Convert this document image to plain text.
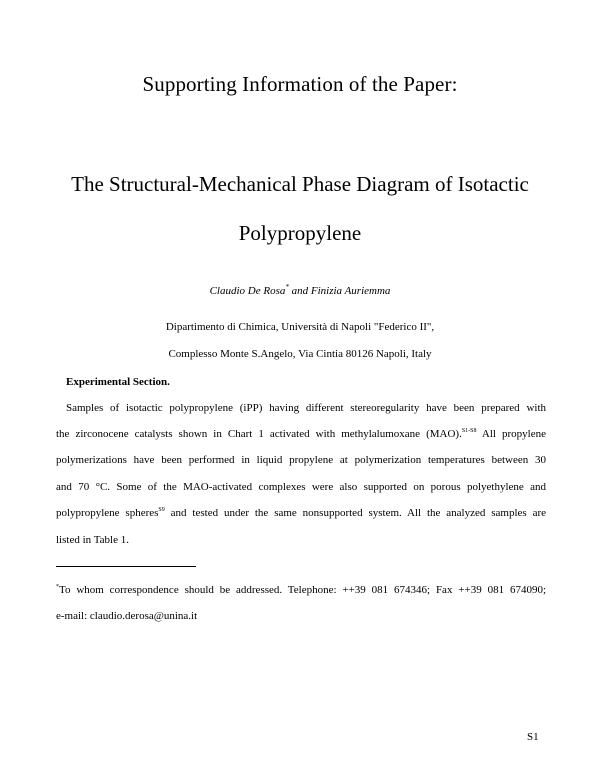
Supporting Information of the Paper:
The Structural-Mechanical Phase Diagram of Isotactic
Polypropylene
Claudio De Rosa* and Finizia Auriemma
Dipartimento di Chimica, Università di Napoli "Federico II",
Complesso Monte S.Angelo, Via Cintia 80126 Napoli, Italy
Experimental Section.
Samples of isotactic polypropylene (iPP) having different stereoregularity have been prepared with
the zirconocene catalysts shown in Chart 1 activated with methylalumoxane (MAO).$^{S1-S8}$ All propylene
polymerizations have been performed in liquid propylene at polymerization temperatures between 30
and 70 °C. Some of the MAO-activated complexes were also supported on porous polyethylene and
polypropylene spheres$^{S9}$ and tested under the same nonsupported system. All the analyzed samples are
listed in Table 1.
*To whom correspondence should be addressed. Telephone: ++39 081 674346; Fax ++39 081 674090;
e-mail: claudio.derosa@unina.it
S1
